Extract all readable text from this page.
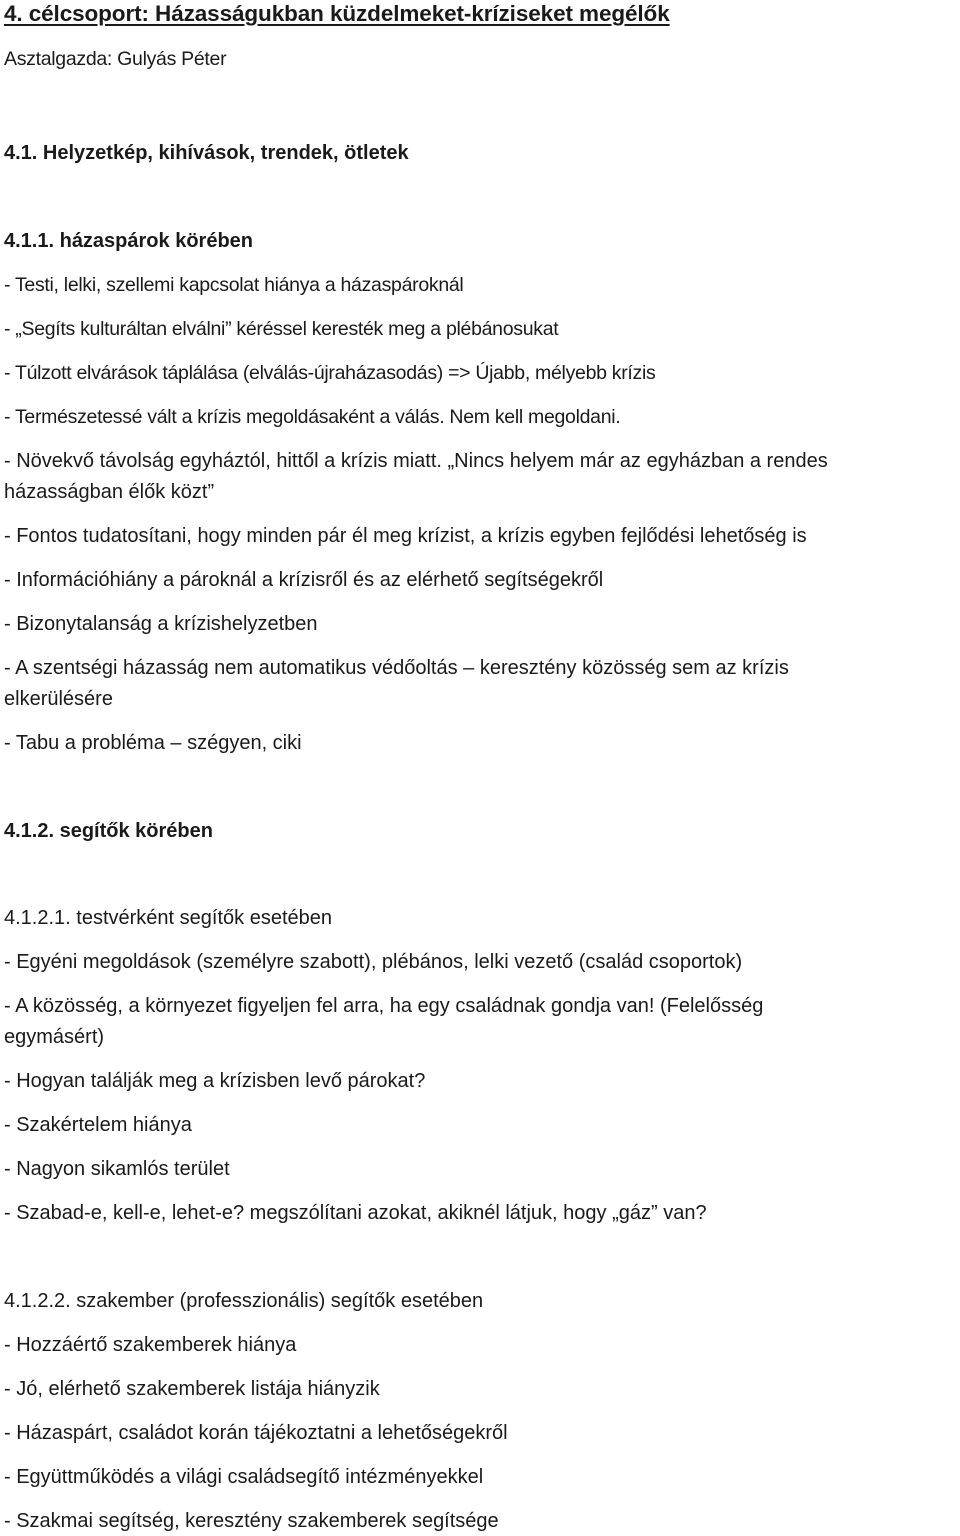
4. célcsoport: Házasságukban küzdelmeket-kríziseket megélők

Asztalgazda: Gulyás Péter

4.1. Helyzetkép, kihívások, trendek, ötletek

4.1.1. házaspárok körében

- Testi, lelki, szellemi kapcsolat hiánya a házaspároknál

- „Segíts kulturáltan elválni” kéréssel keresték meg a plébánosukat

- Túlzott elvárások táplálása (elválás-újraházasodás) => Újabb, mélyebb krízis

- Természetessé vált a krízis megoldásaként a válás. Nem kell megoldani.

- Növekvő távolság egyháztól, hittől a krízis miatt. „Nincs helyem már az egyházban a rendes

házasságban élők közt”

- Fontos tudatosítani, hogy minden pár él meg krízist, a krízis egyben fejlődési lehetőség is

- Információhiány a pároknál a krízisről és az elérhető segítségekről

- Bizonytalanság a krízishelyzetben

- A szentségi házasság nem automatikus védőoltás – keresztény közösség sem az krízis

elkerülésére

- Tabu a probléma – szégyen, ciki

4.1.2. segítők körében

4.1.2.1. testvérként segítők esetében

- Egyéni megoldások (személyre szabott), plébános, lelki vezető (család csoportok)

- A közösség, a környezet figyeljen fel arra, ha egy családnak gondja van! (Felelősség

egymásért)

- Hogyan találják meg a krízisben levő párokat?

- Szakértelem hiánya

- Nagyon sikamlós terület

- Szabad-e, kell-e, lehet-e? megszólítani azokat, akiknél látjuk, hogy „gáz” van?

4.1.2.2. szakember (professzionális) segítők esetében

- Hozzáértő szakemberek hiánya

- Jó, elérhető szakemberek listája hiányzik

- Házaspárt, családot korán tájékoztatni a lehetőségekről

- Együttműködés a világi családsegítő intézményekkel

- Szakmai segítség, keresztény szakemberek segítsége
